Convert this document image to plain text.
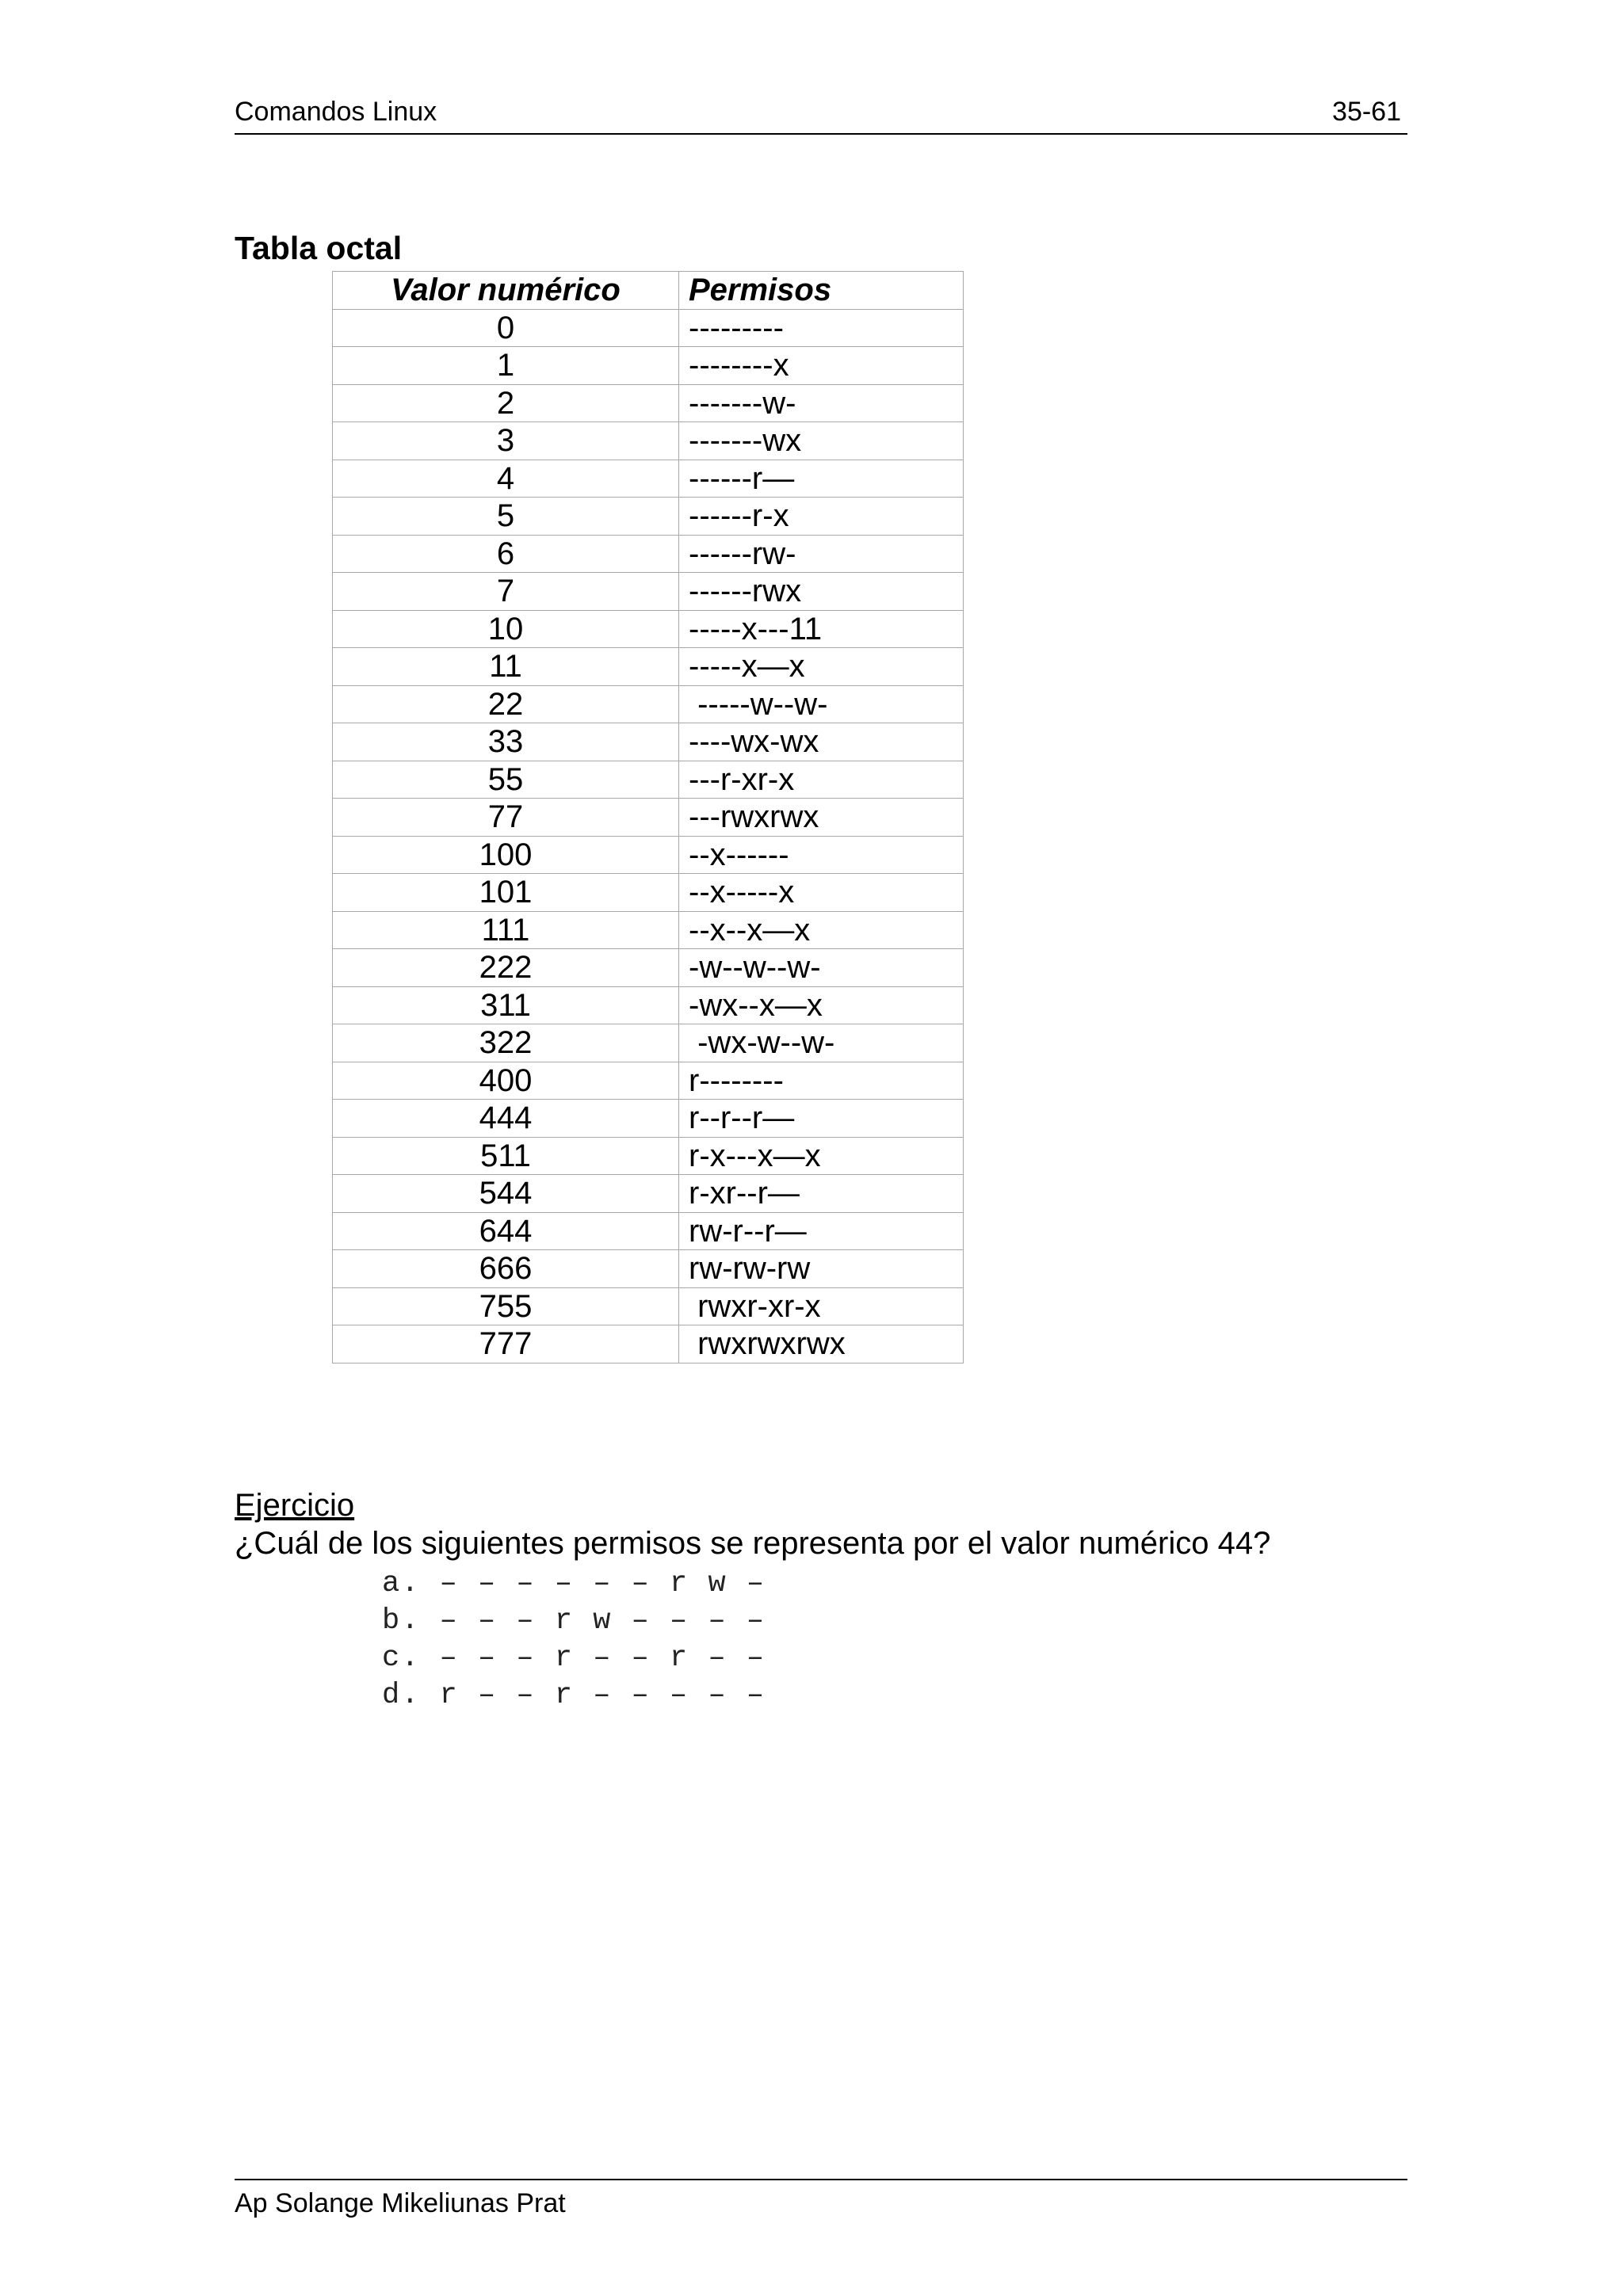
Comandos Linux	35-61
Tabla octal
Valor numérico	Permisos
0	---------
1	--------x
2	-------w-
3	-------wx
4	------r—
5	------r-x
6	------rw-
7	------rwx
10	-----x---11
11	-----x—x
22	-----w--w-
33	----wx-wx
55	---r-xr-x
77	---rwxrwx
100	--x------
101	--x-----x
111	--x--x—x
222	-w--w--w-
311	-wx--x—x
322	-wx-w--w-
400	r--------
444	r--r--r—
511	r-x---x—x
544	r-xr--r—
644	rw-r--r—
666	rw-rw-rw
755	rwxr-xr-x
777	rwxrwxrwx
Ejercicio
¿Cuál de los siguientes permisos se representa por el valor numérico 44?
a. – – – – – – r w –
b. – – – r w – – – –
c. – – – r – – r – –
d. r – – r – – – – –
Ap Solange Mikeliunas Prat
